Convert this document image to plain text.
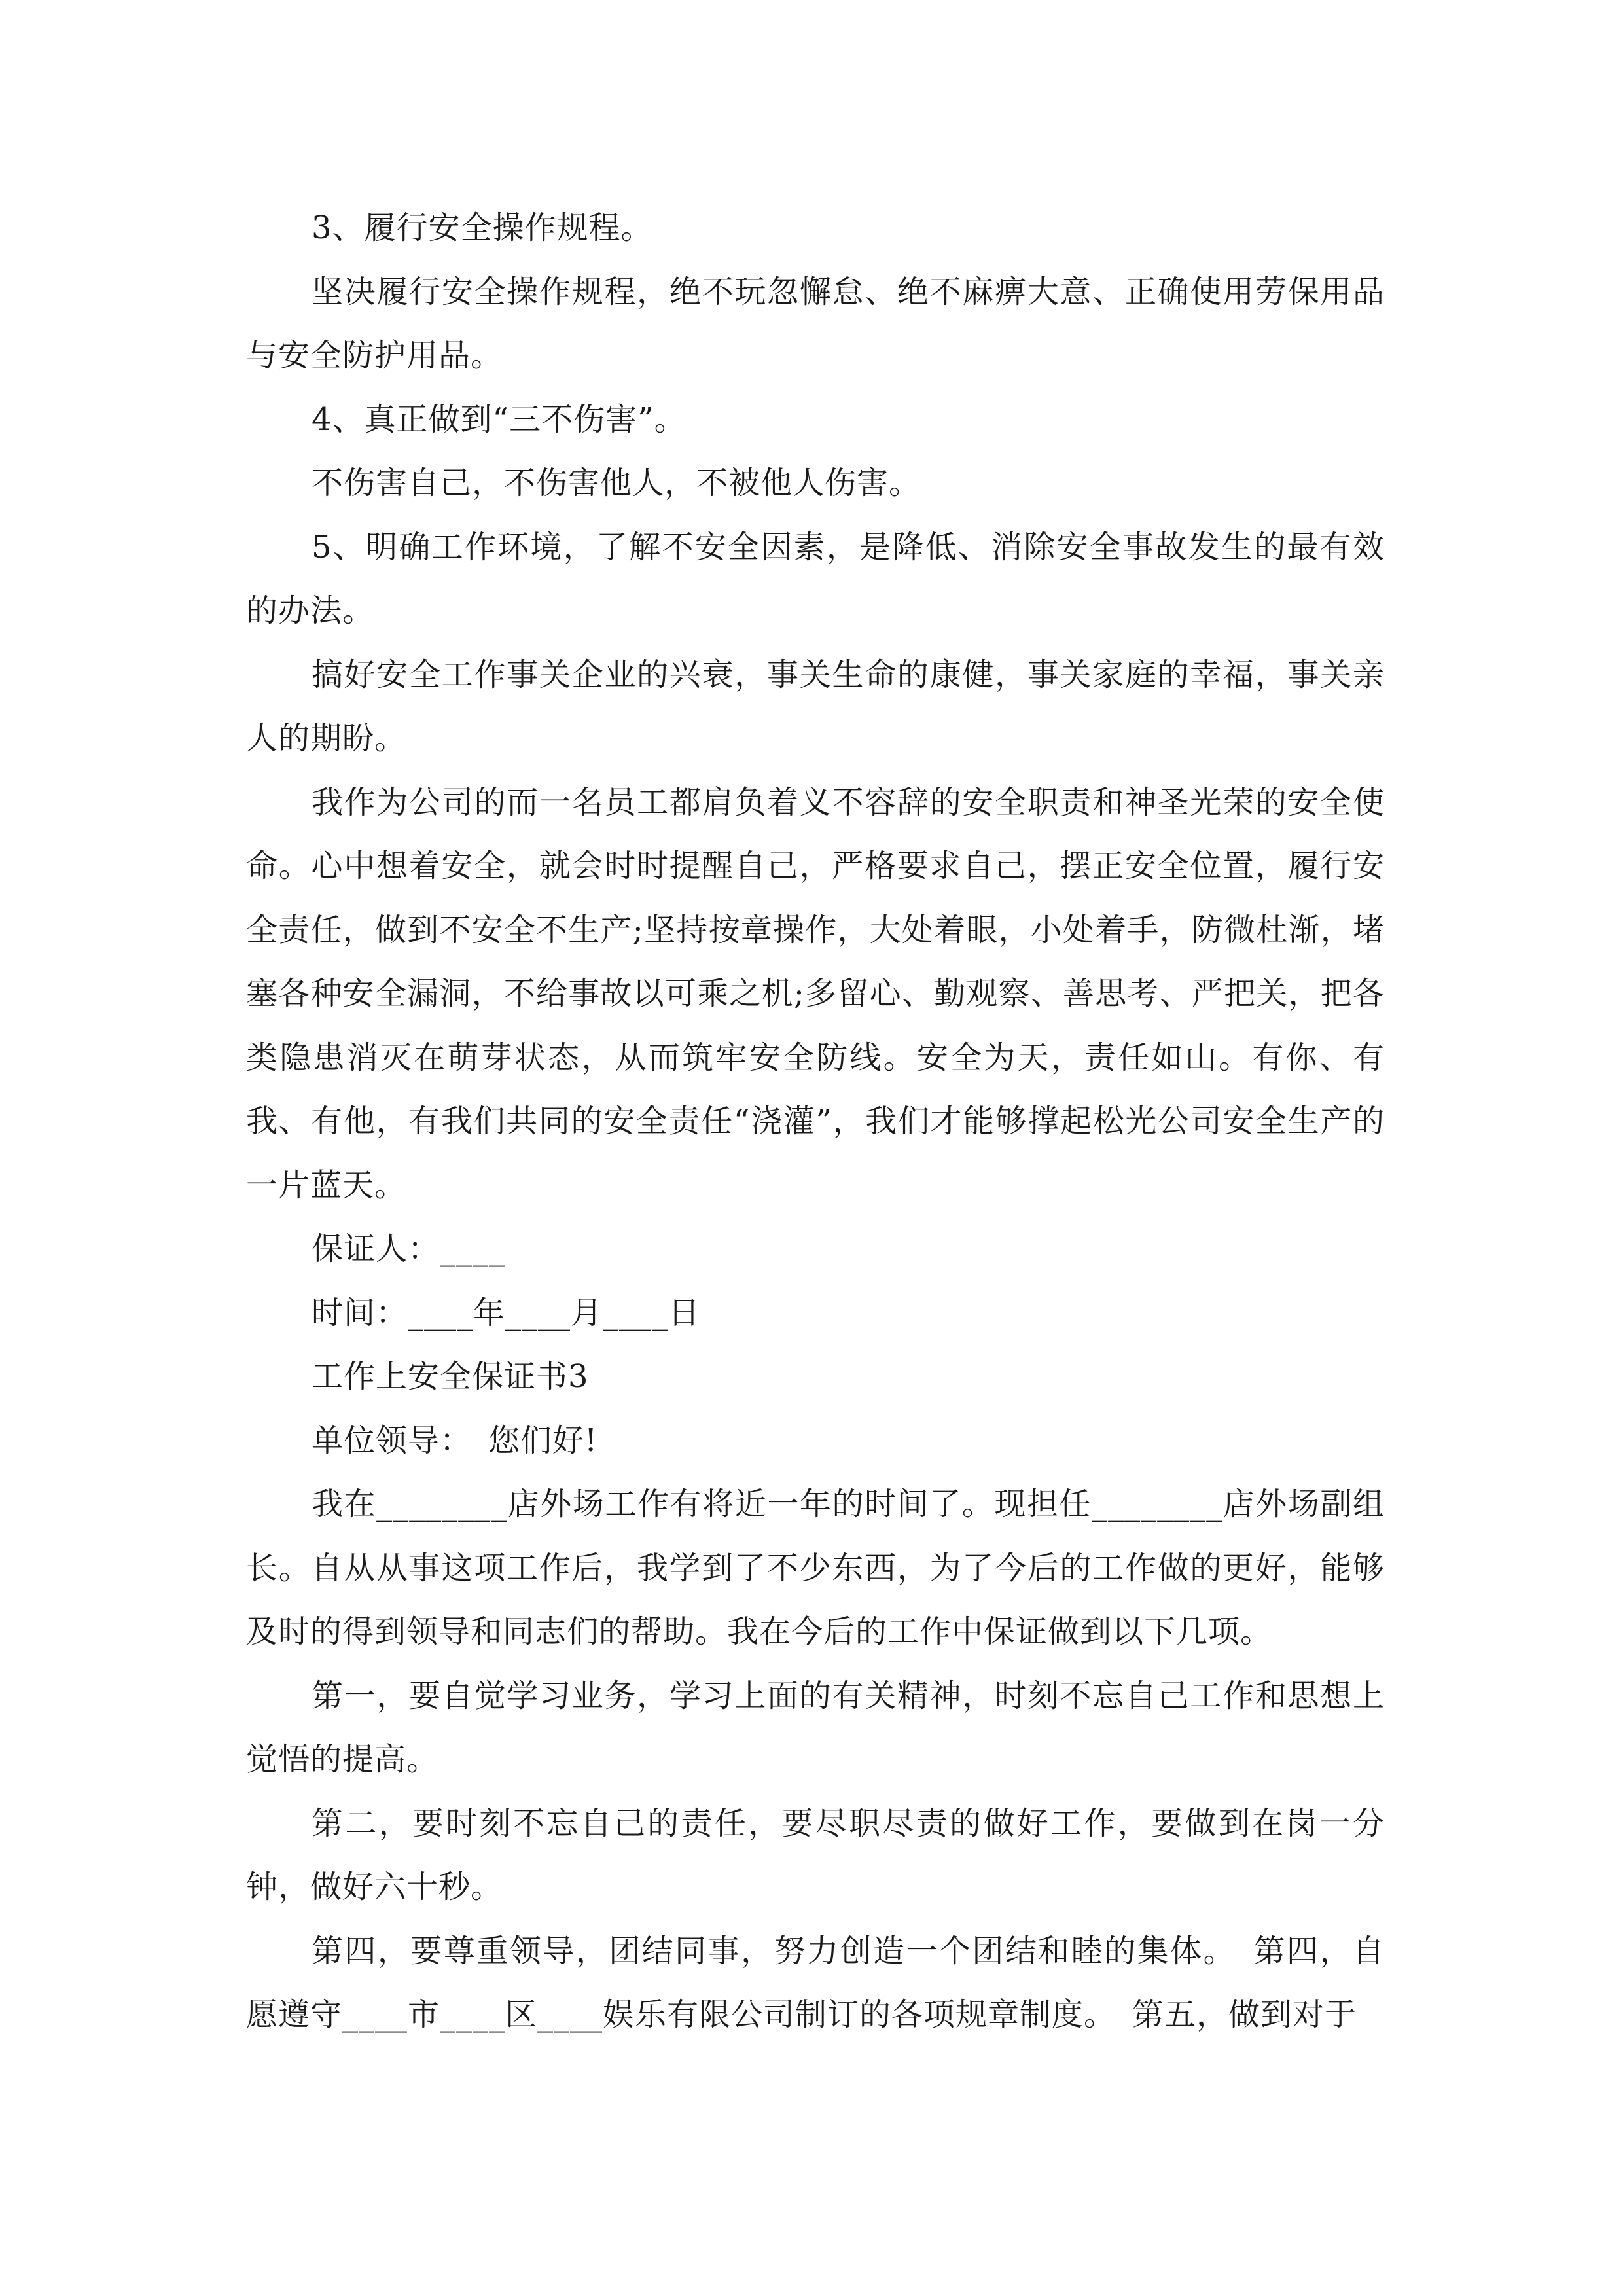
3、履行安全操作规程。

坚决履行安全操作规程，绝不玩忽懈怠、绝不麻痹大意、正确使用劳保用品与安全防护用品。

4、真正做到“三不伤害”。

不伤害自己，不伤害他人，不被他人伤害。

5、明确工作环境，了解不安全因素，是降低、消除安全事故发生的最有效的办法。

搞好安全工作事关企业的兴衰，事关生命的康健，事关家庭的幸福，事关亲人的期盼。

我作为公司的而一名员工都肩负着义不容辞的安全职责和神圣光荣的安全使命。心中想着安全，就会时时提醒自己，严格要求自己，摆正安全位置，履行安全责任，做到不安全不生产;坚持按章操作，大处着眼，小处着手，防微杜渐，堵塞各种安全漏洞，不给事故以可乘之机;多留心、勤观察、善思考、严把关，把各类隐患消灭在萌芽状态，从而筑牢安全防线。安全为天，责任如山。有你、有我、有他，有我们共同的安全责任“浇灌”，我们才能够撑起松光公司安全生产的一片蓝天。

保证人：____

时间：____年____月____日

工作上安全保证书3

单位领导：　您们好!

我在________店外场工作有将近一年的时间了。现担任________店外场副组长。自从从事这项工作后，我学到了不少东西，为了今后的工作做的更好，能够及时的得到领导和同志们的帮助。我在今后的工作中保证做到以下几项。

第一，要自觉学习业务，学习上面的有关精神，时刻不忘自己工作和思想上觉悟的提高。

第二，要时刻不忘自己的责任，要尽职尽责的做好工作，要做到在岗一分钟，做好六十秒。

第四，要尊重领导，团结同事，努力创造一个团结和睦的集体。　第四，自愿遵守____市____区____娱乐有限公司制订的各项规章制度。　第五，做到对于
